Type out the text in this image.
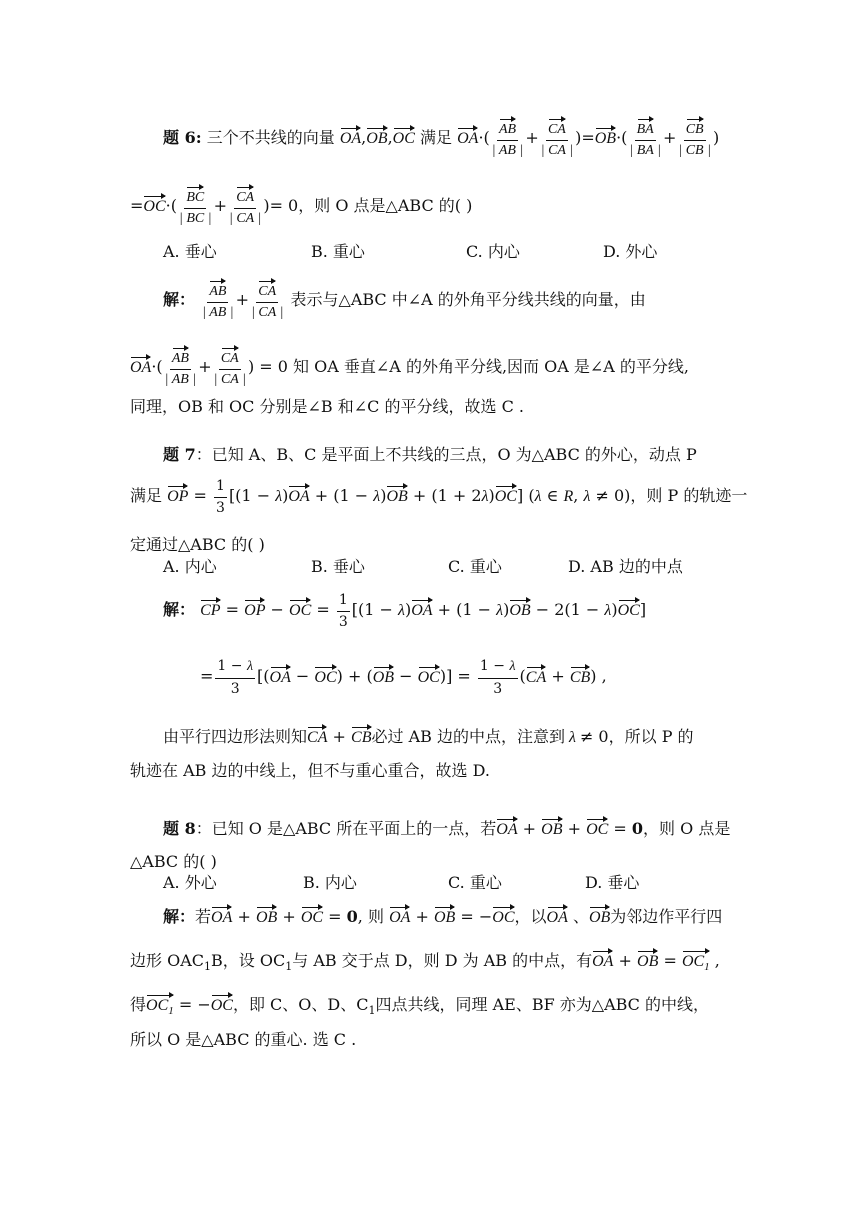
题 6: 三个不共线的向量 OA,OB,OC 满足 $OA\cdot( \frac{AB}{| AB |} + \frac{CA}{| CA |} )=OB\cdot( \frac{BA}{| BA |} + \frac{CB}{| CB |}$ )
$=OC\cdot( \frac{BC}{| BC |} + \frac{CA}{| CA |}$ )= 0，则 O 点是△ABC 的( )
A. 垂心	B. 重心	C. 内心	D. 外心
解： $\frac{AB}{| AB |} + \frac{CA}{| CA |}$ 表示与△ABC 中∠A 的外角平分线共线的向量，由
$OA\cdot( \frac{AB}{| AB |} + \frac{CA}{| CA |}$ ) = 0 知 OA 垂直∠A 的外角平分线,因而 OA 是∠A 的平分线,
同理，OB 和 OC 分别是∠B 和∠C 的平分线，故选 C .
题 7：已知 A、B、C 是平面上不共线的三点，O 为△ABC 的外心，动点 P
满足 OP = $\frac{1}{3} [(1 - \lambda)OA + (1 - \lambda)OB + (1 + 2\lambda)OC]$ (λ ∈ R, λ ≠ 0)，则 P 的轨迹一
定通过△ABC 的( )
A. 内心	B. 垂心	C. 重心	D. AB 边的中点
解： CP = OP − OC = $\frac{1}{3} [(1 - \lambda)OA + (1 - \lambda)OB - 2(1 - \lambda)OC]$
= $\frac{1 - \lambda}{3} [(OA - OC) + (OB - OC)] = \frac{1 - \lambda}{3} (CA + CB)$ ,
由平行四边形法则知CA + CB必过 AB 边的中点，注意到 λ ≠ 0，所以 P 的
轨迹在 AB 边的中线上，但不与重心重合，故选 D.
题 8：已知 O 是△ABC 所在平面上的一点，若OA + OB + OC = 0，则 O 点是
△ABC 的( )
A. 外心	B. 内心	C. 重心	D. 垂心
解：若OA + OB + OC = 0, 则 OA + OB = −OC，以OA 、OB为邻边作平行四
边形 $OAC_1B$，设 $OC_1$与 AB 交于点 D，则 D 为 AB 的中点，有OA + OB = $OC_1$ ,
得$OC_1 = -OC$，即 C、O、D、$C_1$四点共线，同理 AE、BF 亦为△ABC 的中线，
所以 O 是△ABC 的重心. 选 C .
